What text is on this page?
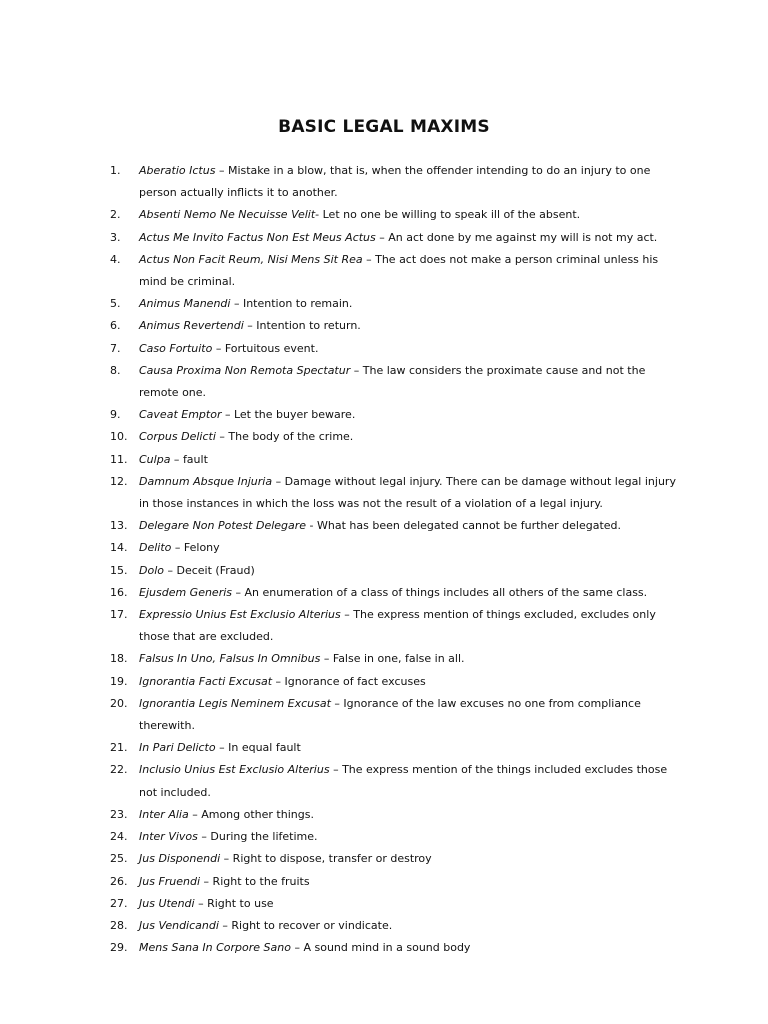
BASIC LEGAL MAXIMS
1.	Aberatio Ictus – Mistake in a blow, that is, when the offender intending to do an injury to one person actually inflicts it to another.
2.	Absenti Nemo Ne Necuisse Velit- Let no one be willing to speak ill of the absent.
3.	Actus Me Invito Factus Non Est Meus Actus – An act done by me against my will is not my act.
4.	Actus Non Facit Reum, Nisi Mens Sit Rea – The act does not make a person criminal unless his mind be criminal.
5.	Animus Manendi – Intention to remain.
6.	Animus Revertendi – Intention to return.
7.	Caso Fortuito – Fortuitous event.
8.	Causa Proxima Non Remota Spectatur – The law considers the proximate cause and not the remote one.
9.	Caveat Emptor – Let the buyer beware.
10.	Corpus Delicti – The body of the crime.
11.	Culpa – fault
12.	Damnum Absque Injuria – Damage without legal injury. There can be damage without legal injury in those instances in which the loss was not the result of a violation of a legal injury.
13.	Delegare Non Potest Delegare - What has been delegated cannot be further delegated.
14.	Delito – Felony
15.	Dolo – Deceit (Fraud)
16.	Ejusdem Generis – An enumeration of a class of things includes all others of the same class.
17.	Expressio Unius Est Exclusio Alterius – The express mention of things excluded, excludes only those that are excluded.
18.	Falsus In Uno, Falsus In Omnibus – False in one, false in all.
19.	Ignorantia Facti Excusat – Ignorance of fact excuses
20.	Ignorantia Legis Neminem Excusat – Ignorance of the law excuses no one from compliance therewith.
21.	In Pari Delicto – In equal fault
22.	Inclusio Unius Est Exclusio Alterius – The express mention of the things included excludes those not included.
23.	Inter Alia – Among other things.
24.	Inter Vivos – During the lifetime.
25.	Jus Disponendi – Right to dispose, transfer or destroy
26.	Jus Fruendi – Right to the fruits
27.	Jus Utendi – Right to use
28.	Jus Vendicandi – Right to recover or vindicate.
29.	Mens Sana In Corpore Sano – A sound mind in a sound body
